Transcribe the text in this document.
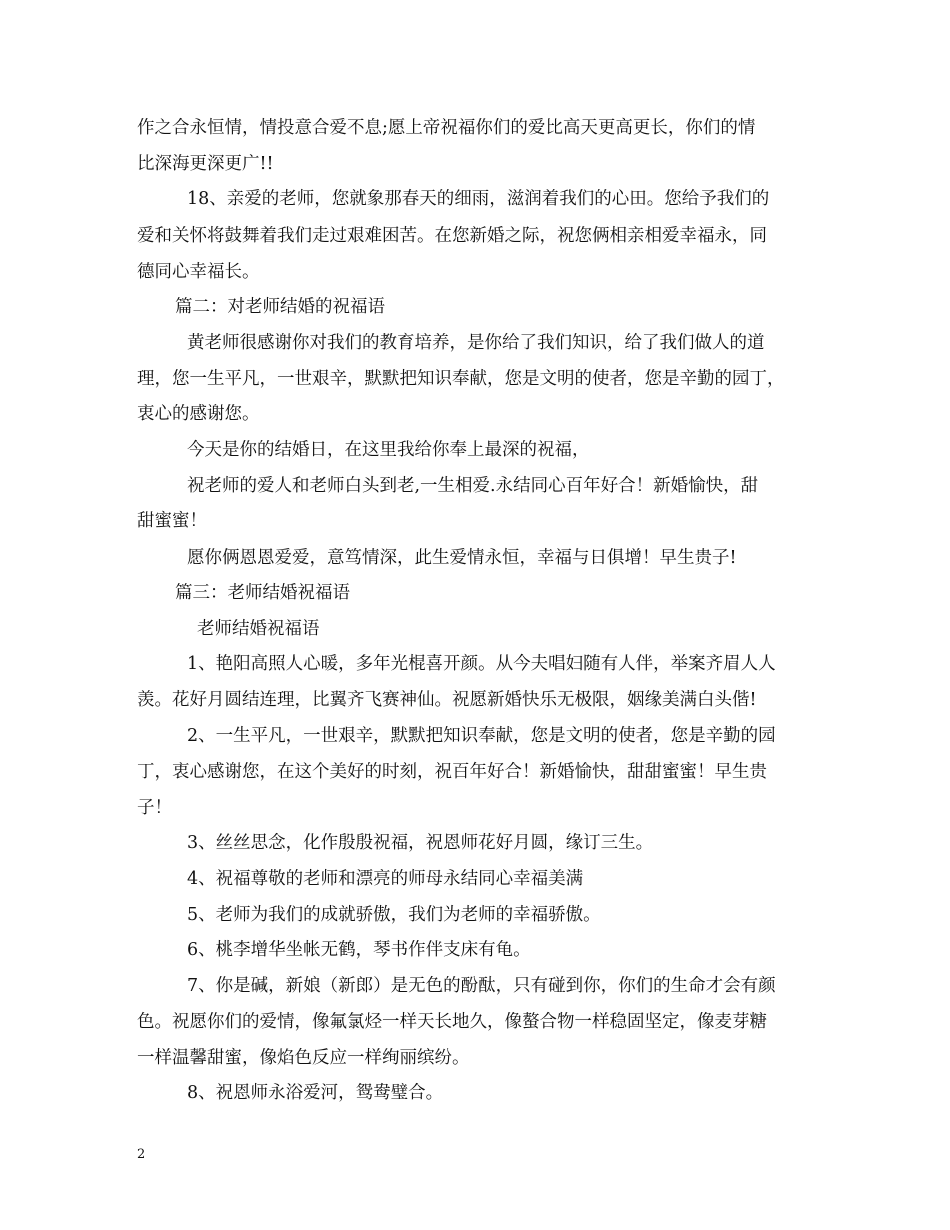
作之合永恒情，情投意合爱不息;愿上帝祝福你们的爱比高天更高更长，你们的情
比深海更深更广!!
18、亲爱的老师，您就象那春天的细雨，滋润着我们的心田。您给予我们的
爱和关怀将鼓舞着我们走过艰难困苦。在您新婚之际，祝您俩相亲相爱幸福永，同
德同心幸福长。
篇二：对老师结婚的祝福语
黄老师很感谢你对我们的教育培养，是你给了我们知识，给了我们做人的道
理，您一生平凡，一世艰辛，默默把知识奉献，您是文明的使者，您是辛勤的园丁，
衷心的感谢您。
今天是你的结婚日，在这里我给你奉上最深的祝福，
祝老师的爱人和老师白头到老,一生相爱.永结同心百年好合！新婚愉快，甜
甜蜜蜜！
愿你俩恩恩爱爱，意笃情深，此生爱情永恒，幸福与日俱增！早生贵子!
篇三：老师结婚祝福语
老师结婚祝福语
1、艳阳高照人心暖，多年光棍喜开颜。从今夫唱妇随有人伴，举案齐眉人人
羡。花好月圆结连理，比翼齐飞赛神仙。祝愿新婚快乐无极限，姻缘美满白头偕!
2、一生平凡，一世艰辛，默默把知识奉献，您是文明的使者，您是辛勤的园
丁，衷心感谢您，在这个美好的时刻，祝百年好合！新婚愉快，甜甜蜜蜜！早生贵
子！
3、丝丝思念，化作殷殷祝福，祝恩师花好月圆，缘订三生。
4、祝福尊敬的老师和漂亮的师母永结同心幸福美满
5、老师为我们的成就骄傲，我们为老师的幸福骄傲。
6、桃李增华坐帐无鹤，琴书作伴支床有龟。
7、你是碱，新娘（新郎）是无色的酚酞，只有碰到你，你们的生命才会有颜
色。祝愿你们的爱情，像氟氯烃一样天长地久，像螯合物一样稳固坚定，像麦芽糖
一样温馨甜蜜，像焰色反应一样绚丽缤纷。
8、祝恩师永浴爱河，鸳鸯璧合。
2
